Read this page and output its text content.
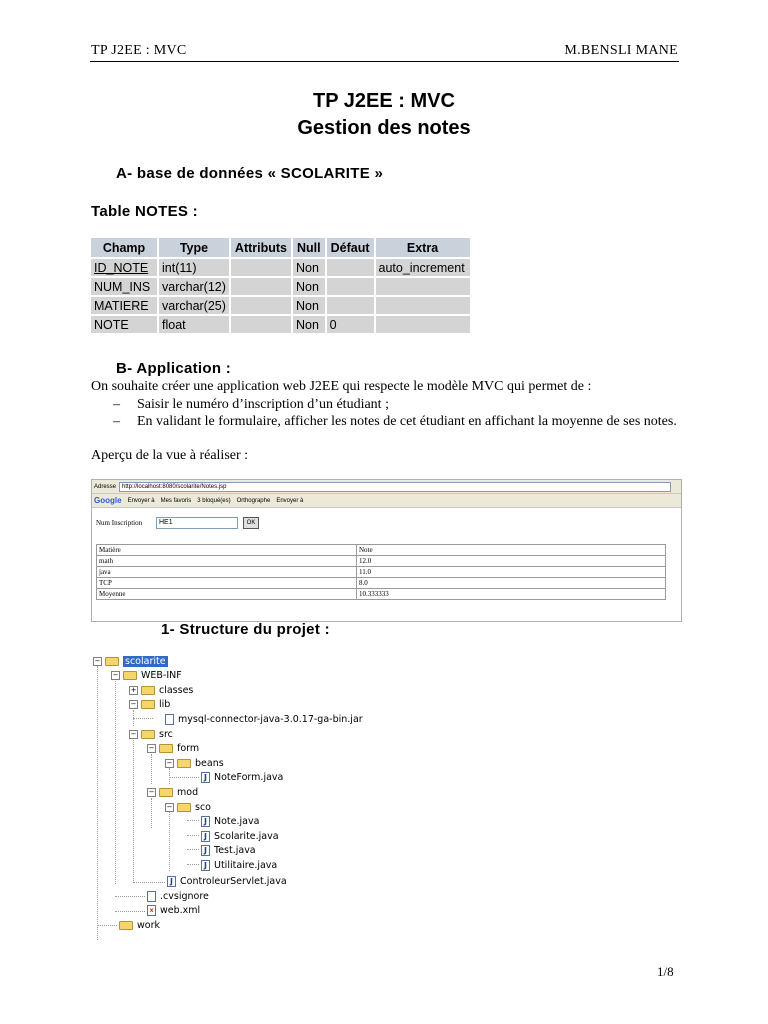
TP J2EE : MVC	M.BENSLI MANE
TP J2EE : MVC
Gestion des notes
A- base de données « SCOLARITE »
Table NOTES :
Champ	Type	Attributs	Null	Défaut	Extra
ID_NOTE	int(11)		Non		auto_increment
NUM_INS	varchar(12)		Non		
MATIERE	varchar(25)		Non		
NOTE	float		Non	0	
B- Application :
On souhaite créer une application web J2EE qui respecte le modèle MVC qui permet de :
– Saisir le numéro d’inscription d’un étudiant ;
– En validant le formulaire, afficher les notes de cet étudiant en affichant la moyenne de ses notes.
Aperçu de la vue à réaliser :
Adresse	http://localhost:8080/scolarite/Notes.jsp
Google Envoyer à Mes favoris 3 bloqué(es) Orthographe Envoyer à
Num Inscription	HE1	OK
Matière	Note
math	12.0
java	11.0
TCP	8.0
Moyenne	10.333333
1- Structure du projet :
−	scolarite
− WEB-INF
+ classes
− lib
mysql-connector-java-3.0.17-ga-bin.jar
− src
− form
− beans
J NoteForm.java
− mod
− sco
J Note.java
J Scolarite.java
J Test.java
J Utilitaire.java
J ControleurServlet.java
.cvsignore
x web.xml
work
1/8
